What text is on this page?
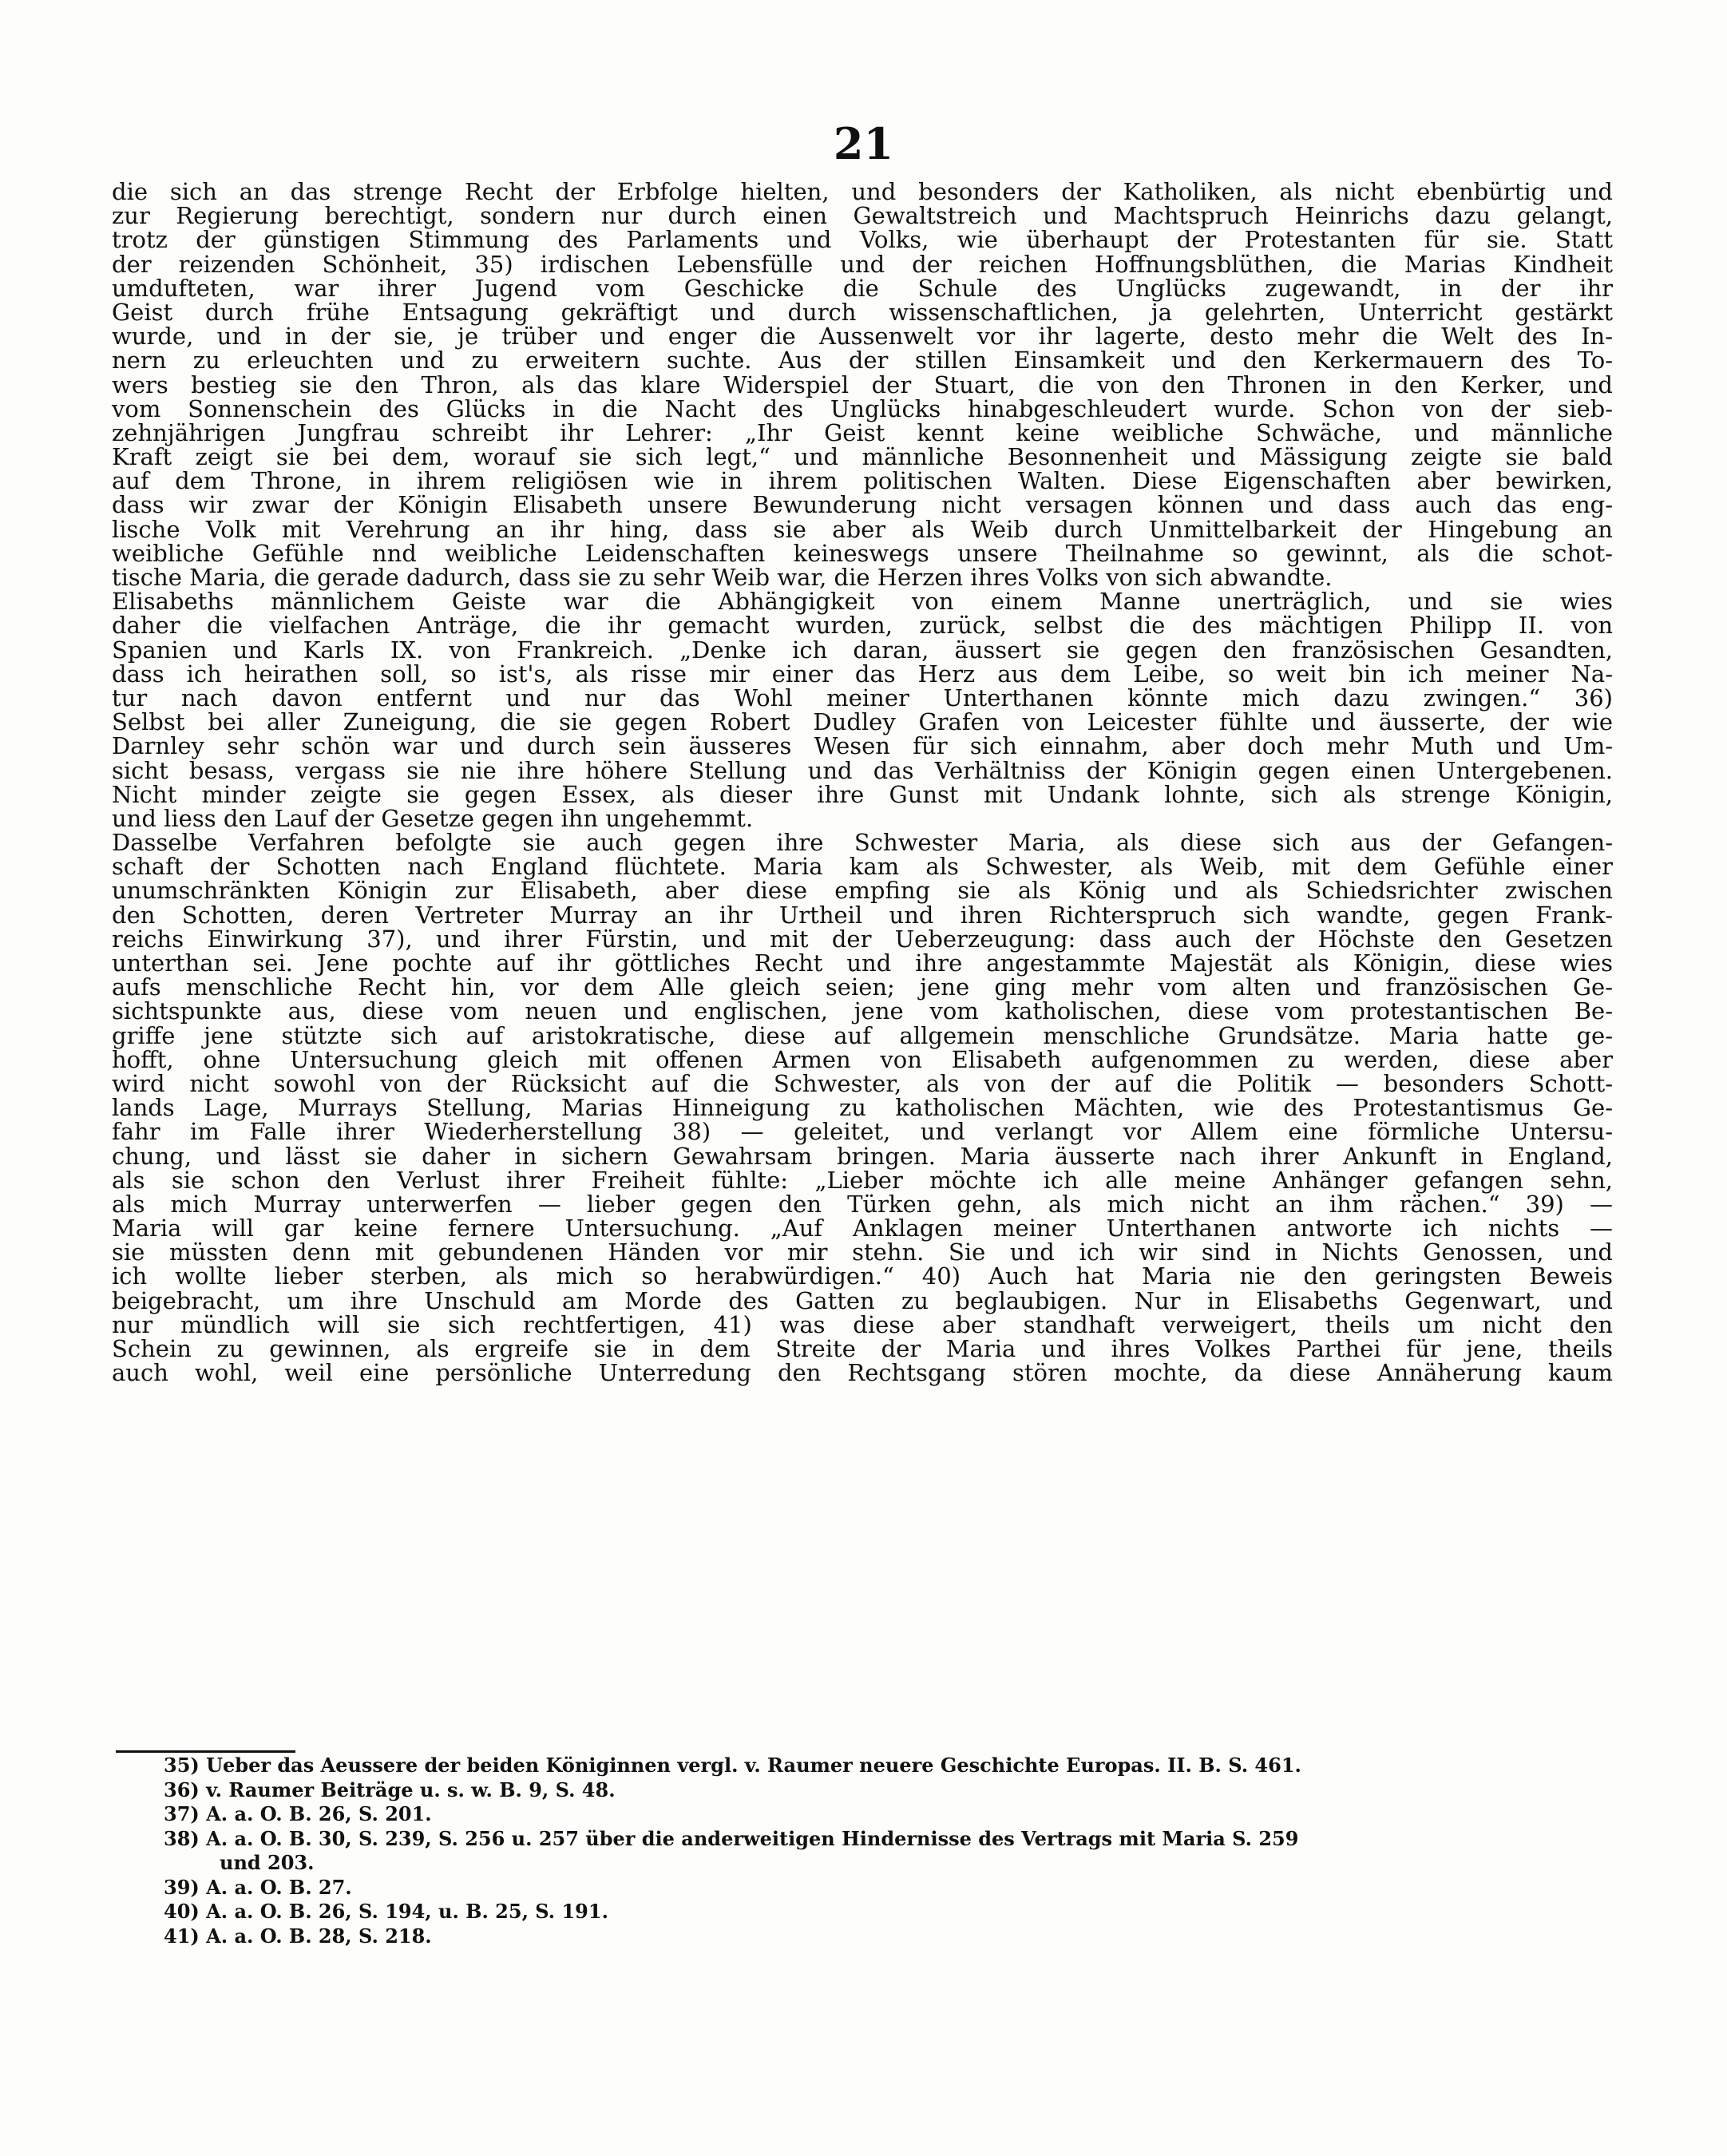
21
die sich an das strenge Recht der Erbfolge hielten, und besonders der Katholiken, als nicht ebenbürtig und
zur Regierung berechtigt, sondern nur durch einen Gewaltstreich und Machtspruch Heinrichs dazu gelangt,
trotz der günstigen Stimmung des Parlaments und Volks, wie überhaupt der Protestanten für sie. Statt
der reizenden Schönheit, 35) irdischen Lebensfülle und der reichen Hoffnungsblüthen, die Marias Kindheit
umdufteten, war ihrer Jugend vom Geschicke die Schule des Unglücks zugewandt, in der ihr
Geist durch frühe Entsagung gekräftigt und durch wissenschaftlichen, ja gelehrten, Unterricht gestärkt
wurde, und in der sie, je trüber und enger die Aussenwelt vor ihr lagerte, desto mehr die Welt des In-
nern zu erleuchten und zu erweitern suchte. Aus der stillen Einsamkeit und den Kerkermauern des To-
wers bestieg sie den Thron, als das klare Widerspiel der Stuart, die von den Thronen in den Kerker, und
vom Sonnenschein des Glücks in die Nacht des Unglücks hinabgeschleudert wurde. Schon von der sieb-
zehnjährigen Jungfrau schreibt ihr Lehrer: „Ihr Geist kennt keine weibliche Schwäche, und männliche
Kraft zeigt sie bei dem, worauf sie sich legt,“ und männliche Besonnenheit und Mässigung zeigte sie bald
auf dem Throne, in ihrem religiösen wie in ihrem politischen Walten. Diese Eigenschaften aber bewirken,
dass wir zwar der Königin Elisabeth unsere Bewunderung nicht versagen können und dass auch das eng-
lische Volk mit Verehrung an ihr hing, dass sie aber als Weib durch Unmittelbarkeit der Hingebung an
weibliche Gefühle nnd weibliche Leidenschaften keineswegs unsere Theilnahme so gewinnt, als die schot-
tische Maria, die gerade dadurch, dass sie zu sehr Weib war, die Herzen ihres Volks von sich abwandte.
Elisabeths männlichem Geiste war die Abhängigkeit von einem Manne unerträglich, und sie wies
daher die vielfachen Anträge, die ihr gemacht wurden, zurück, selbst die des mächtigen Philipp II. von
Spanien und Karls IX. von Frankreich. „Denke ich daran, äussert sie gegen den französischen Gesandten,
dass ich heirathen soll, so ist's, als risse mir einer das Herz aus dem Leibe, so weit bin ich meiner Na-
tur nach davon entfernt und nur das Wohl meiner Unterthanen könnte mich dazu zwingen.“ 36)
Selbst bei aller Zuneigung, die sie gegen Robert Dudley Grafen von Leicester fühlte und äusserte, der wie
Darnley sehr schön war und durch sein äusseres Wesen für sich einnahm, aber doch mehr Muth und Um-
sicht besass, vergass sie nie ihre höhere Stellung und das Verhältniss der Königin gegen einen Untergebenen.
Nicht minder zeigte sie gegen Essex, als dieser ihre Gunst mit Undank lohnte, sich als strenge Königin,
und liess den Lauf der Gesetze gegen ihn ungehemmt.
Dasselbe Verfahren befolgte sie auch gegen ihre Schwester Maria, als diese sich aus der Gefangen-
schaft der Schotten nach England flüchtete. Maria kam als Schwester, als Weib, mit dem Gefühle einer
unumschränkten Königin zur Elisabeth, aber diese empfing sie als König und als Schiedsrichter zwischen
den Schotten, deren Vertreter Murray an ihr Urtheil und ihren Richterspruch sich wandte, gegen Frank-
reichs Einwirkung 37), und ihrer Fürstin, und mit der Ueberzeugung: dass auch der Höchste den Gesetzen
unterthan sei. Jene pochte auf ihr göttliches Recht und ihre angestammte Majestät als Königin, diese wies
aufs menschliche Recht hin, vor dem Alle gleich seien; jene ging mehr vom alten und französischen Ge-
sichtspunkte aus, diese vom neuen und englischen, jene vom katholischen, diese vom protestantischen Be-
griffe jene stützte sich auf aristokratische, diese auf allgemein menschliche Grundsätze. Maria hatte ge-
hofft, ohne Untersuchung gleich mit offenen Armen von Elisabeth aufgenommen zu werden, diese aber
wird nicht sowohl von der Rücksicht auf die Schwester, als von der auf die Politik — besonders Schott-
lands Lage, Murrays Stellung, Marias Hinneigung zu katholischen Mächten, wie des Protestantismus Ge-
fahr im Falle ihrer Wiederherstellung 38) — geleitet, und verlangt vor Allem eine förmliche Untersu-
chung, und lässt sie daher in sichern Gewahrsam bringen. Maria äusserte nach ihrer Ankunft in England,
als sie schon den Verlust ihrer Freiheit fühlte: „Lieber möchte ich alle meine Anhänger gefangen sehn,
als mich Murray unterwerfen — lieber gegen den Türken gehn, als mich nicht an ihm rächen.“ 39) —
Maria will gar keine fernere Untersuchung. „Auf Anklagen meiner Unterthanen antworte ich nichts —
sie müssten denn mit gebundenen Händen vor mir stehn. Sie und ich wir sind in Nichts Genossen, und
ich wollte lieber sterben, als mich so herabwürdigen.“ 40) Auch hat Maria nie den geringsten Beweis
beigebracht, um ihre Unschuld am Morde des Gatten zu beglaubigen. Nur in Elisabeths Gegenwart, und
nur mündlich will sie sich rechtfertigen, 41) was diese aber standhaft verweigert, theils um nicht den
Schein zu gewinnen, als ergreife sie in dem Streite der Maria und ihres Volkes Parthei für jene, theils
auch wohl, weil eine persönliche Unterredung den Rechtsgang stören mochte, da diese Annäherung kaum
35) Ueber das Aeussere der beiden Königinnen vergl. v. Raumer neuere Geschichte Europas. II. B. S. 461.
36) v. Raumer Beiträge u. s. w. B. 9, S. 48.
37) A. a. O. B. 26, S. 201.
38) A. a. O. B. 30, S. 239, S. 256 u. 257 über die anderweitigen Hindernisse des Vertrags mit Maria S. 259
und 203.
39) A. a. O. B. 27.
40) A. a. O. B. 26, S. 194, u. B. 25, S. 191.
41) A. a. O. B. 28, S. 218.
